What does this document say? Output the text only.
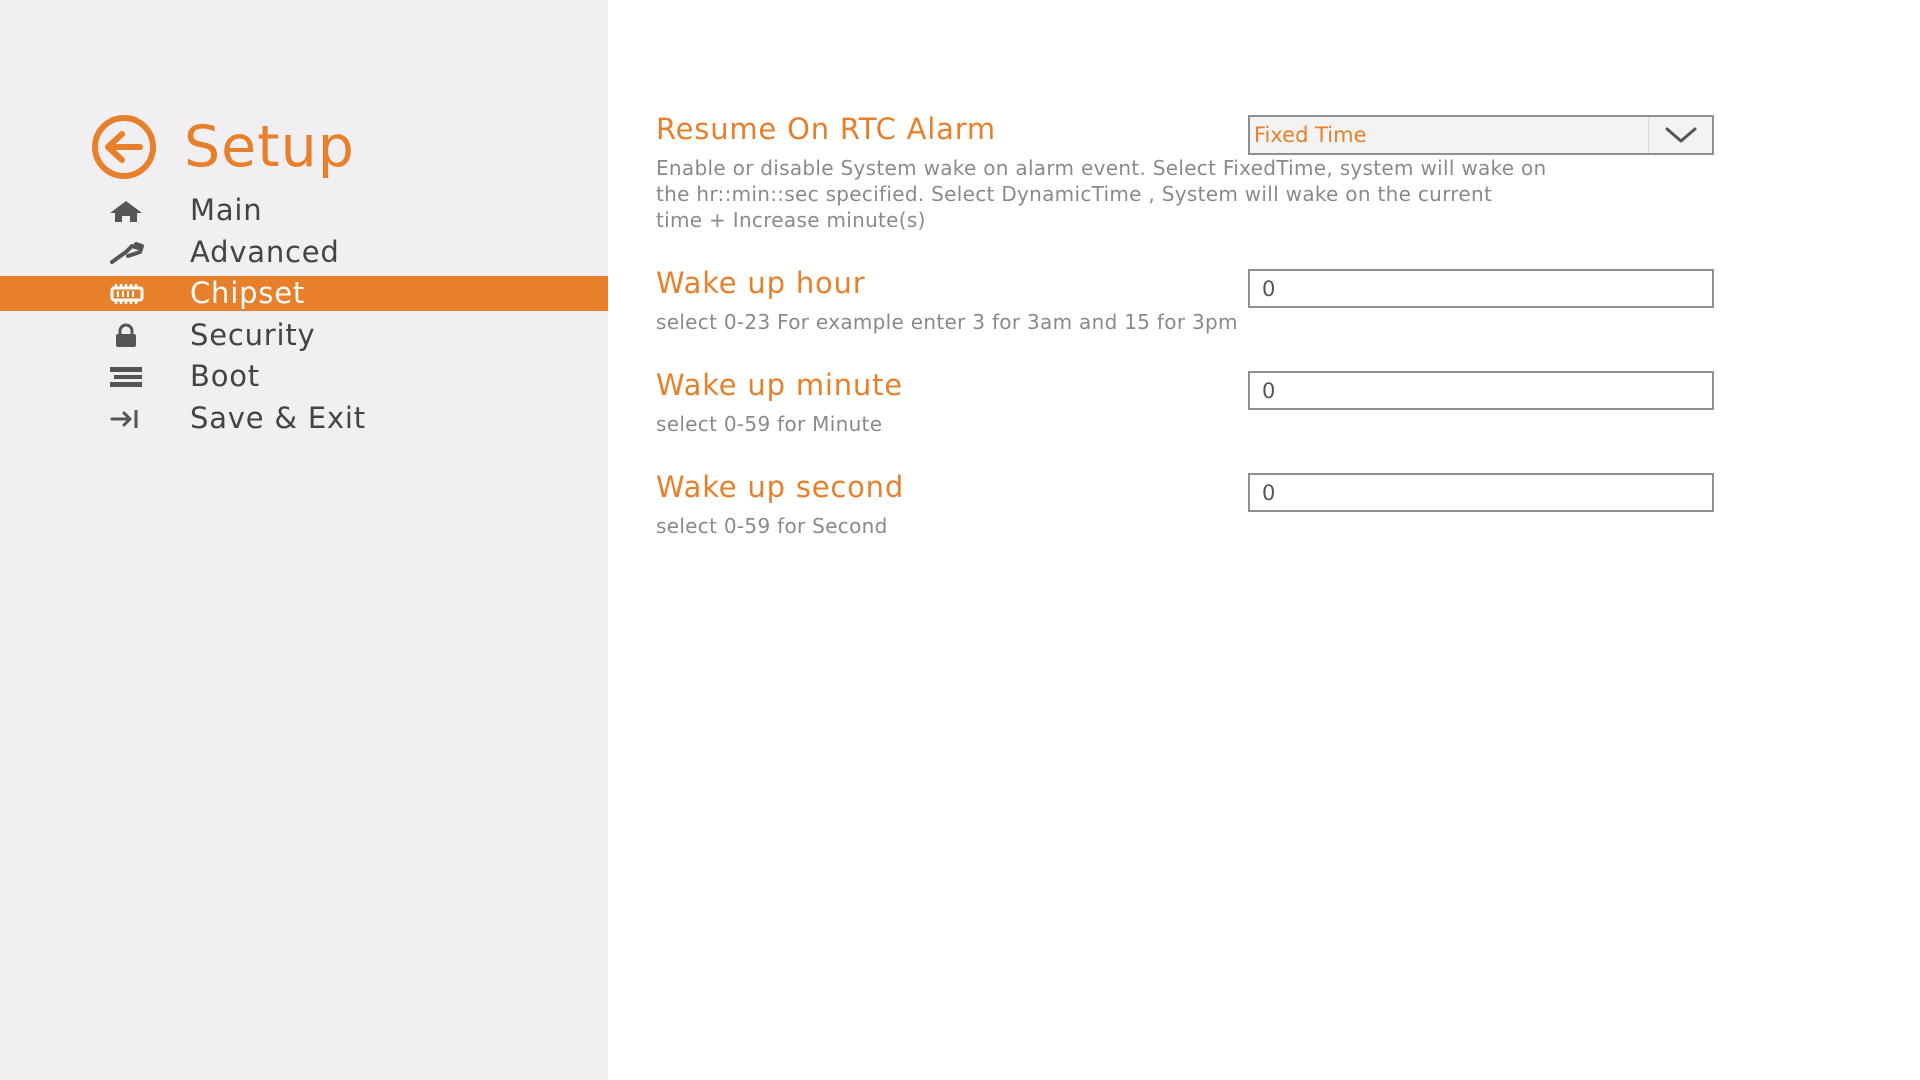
Setup
Main
Advanced
Chipset
Security
Boot
Save & Exit
Resume On RTC Alarm
Enable or disable System wake on alarm event. Select FixedTime, system will wake on
the hr::min::sec specified. Select DynamicTime , System will wake on the current
time + Increase minute(s)
Fixed Time
Wake up hour
select 0-23 For example enter 3 for 3am and 15 for 3pm
0
Wake up minute
select 0-59 for Minute
0
Wake up second
select 0-59 for Second
0
